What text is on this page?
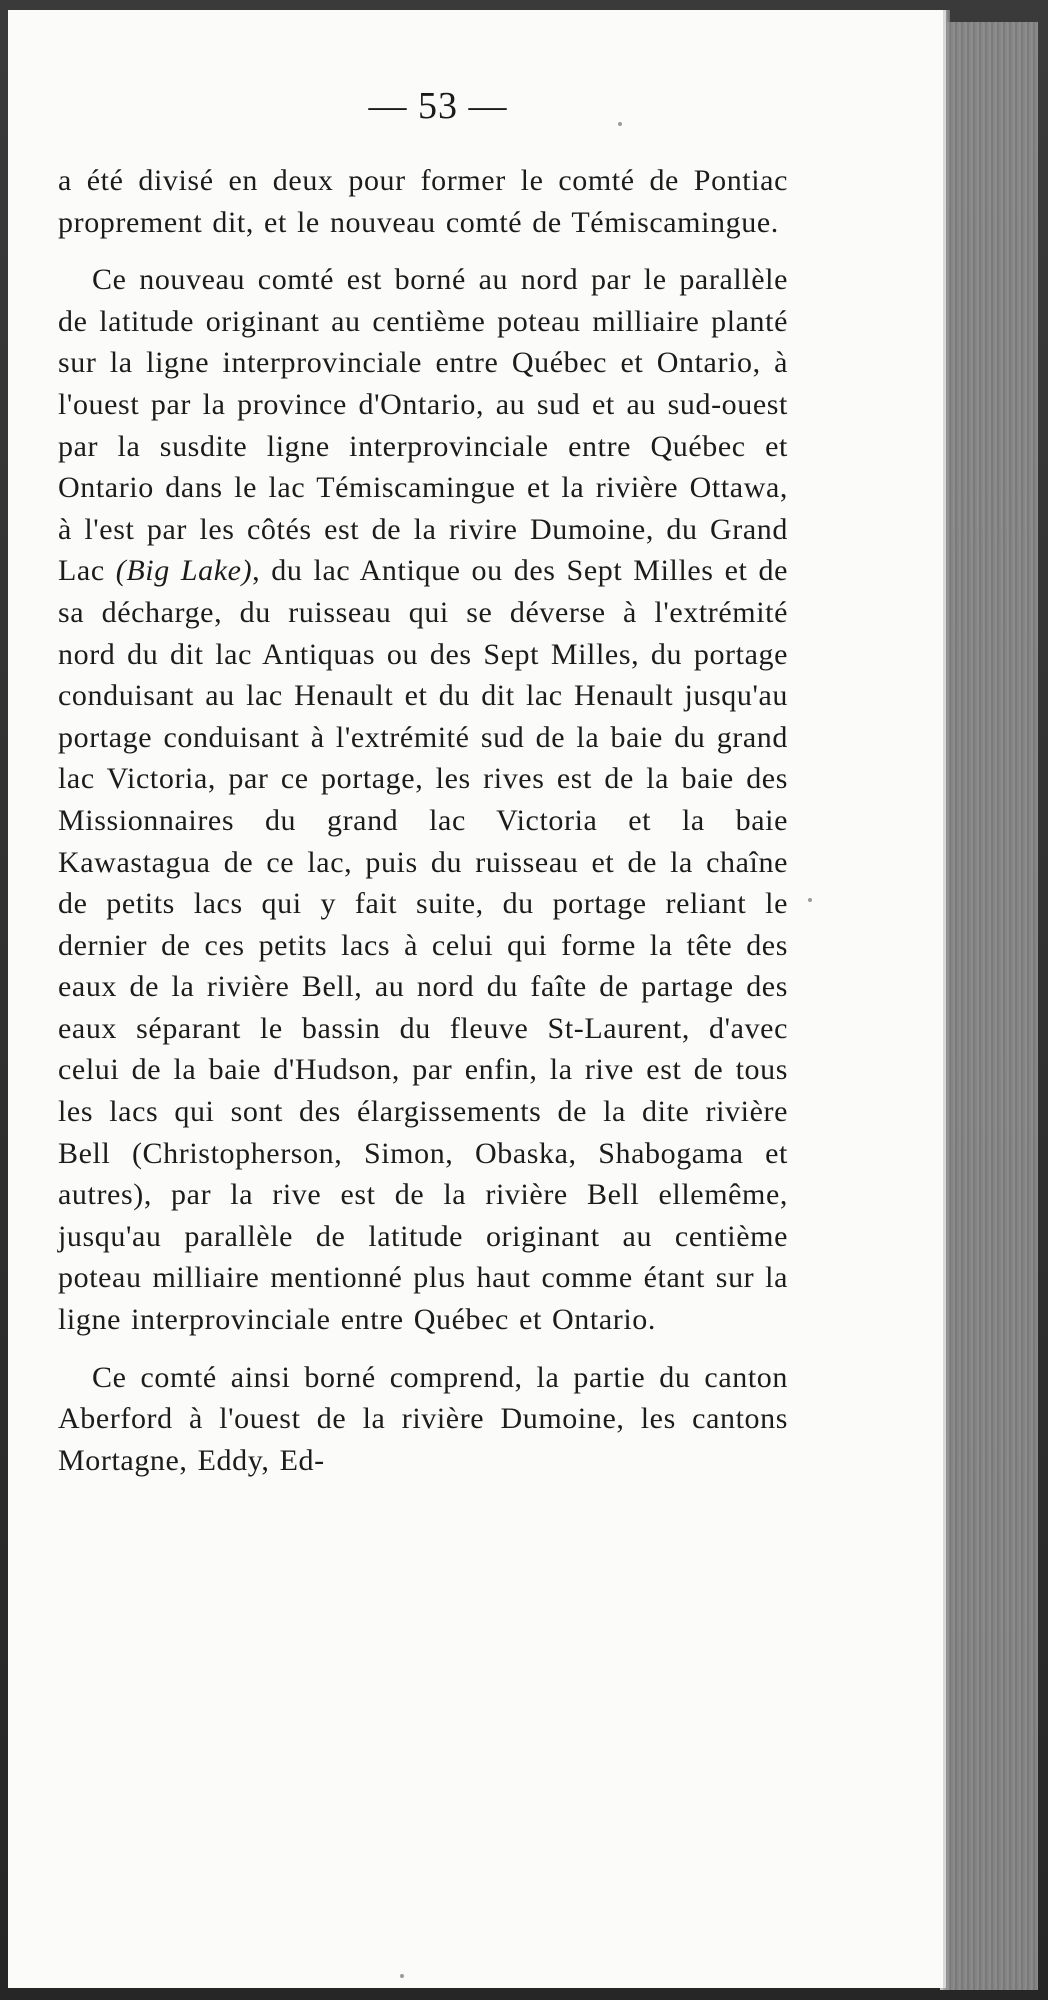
— 53 —

a été divisé en deux pour former le comté de Pontiac proprement dit, et le nouveau comté de Témiscamingue.

Ce nouveau comté est borné au nord par le parallèle de latitude originant au centième poteau milliaire planté sur la ligne interprovinciale entre Québec et Ontario, à l'ouest par la province d'Ontario, au sud et au sud-ouest par la susdite ligne interprovinciale entre Québec et Ontario dans le lac Témiscamingue et la rivière Ottawa, à l'est par les côtés est de la rivire Dumoine, du Grand Lac (Big Lake), du lac Antique ou des Sept Milles et de sa décharge, du ruisseau qui se déverse à l'extrémité nord du dit lac Antiquas ou des Sept Milles, du portage conduisant au lac Henault et du dit lac Henault jusqu'au portage conduisant à l'extrémité sud de la baie du grand lac Victoria, par ce portage, les rives est de la baie des Missionnaires du grand lac Victoria et la baie Kawastagua de ce lac, puis du ruisseau et de la chaîne de petits lacs qui y fait suite, du portage reliant le dernier de ces petits lacs à celui qui forme la tête des eaux de la rivière Bell, au nord du faîte de partage des eaux séparant le bassin du fleuve St-Laurent, d'avec celui de la baie d'Hudson, par enfin, la rive est de tous les lacs qui sont des élargissements de la dite rivière Bell (Christopherson, Simon, Obaska, Shabogama et autres), par la rive est de la rivière Bell ellemême, jusqu'au parallèle de latitude originant au centième poteau milliaire mentionné plus haut comme étant sur la ligne interprovinciale entre Québec et Ontario.

Ce comté ainsi borné comprend, la partie du canton Aberford à l'ouest de la rivière Dumoine, les cantons Mortagne, Eddy, Ed-
